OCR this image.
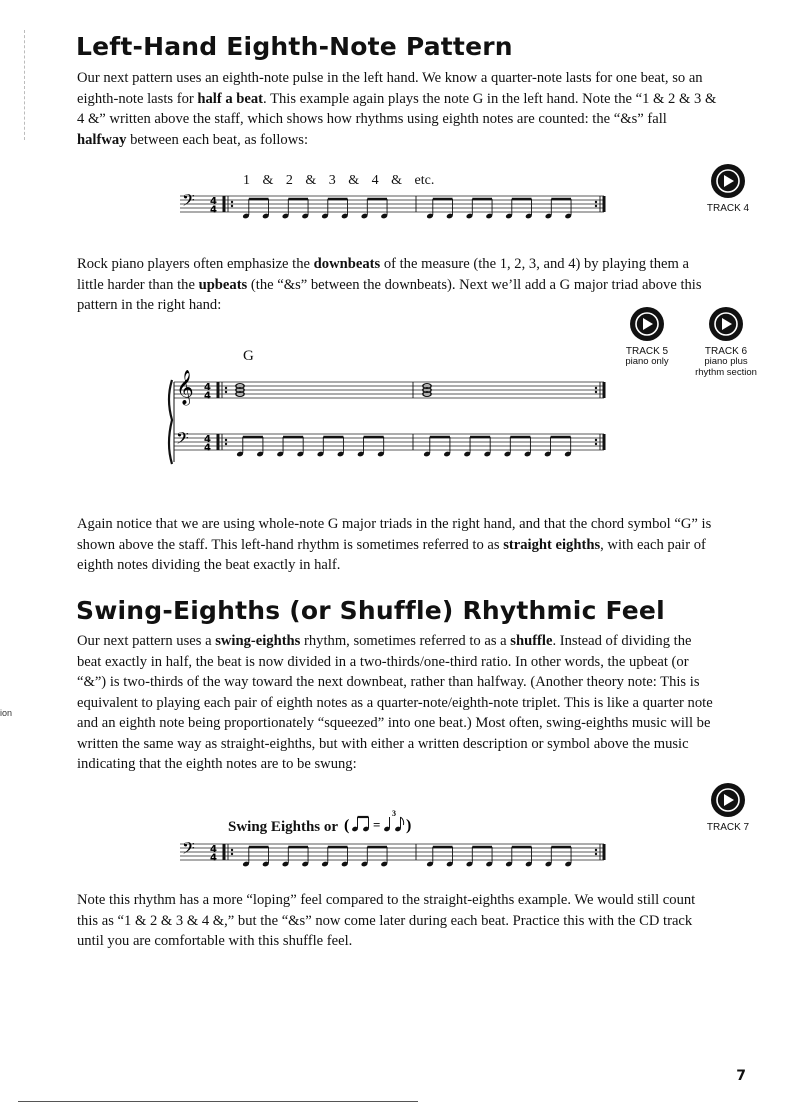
Left-Hand Eighth-Note Pattern

Our next pattern uses an eighth-note pulse in the left hand. We know a quarter-note lasts for one beat, so an eighth-note lasts for half a beat. This example again plays the note G in the left hand. Note the “1 & 2 & 3 & 4 &” written above the staff, which shows how rhythms using eighth notes are counted: the “&s” fall halfway between each beat, as follows:

1 & 2 & 3 & 4 & etc.
TRACK 4
𝄢 4
4

Rock piano players often emphasize the downbeats of the measure (the 1, 2, 3, and 4) by playing them a little harder than the upbeats (the “&s” between the downbeats). Next we’ll add a G major triad above this pattern in the right hand:

G	TRACK 5
piano only
TRACK 6
piano plus rhythm section
𝄞 4
4
𝄢 4
4

Again notice that we are using whole-note G major triads in the right hand, and that the chord symbol “G” is shown above the staff. This left-hand rhythm is sometimes referred to as straight eighths, with each pair of eighth notes dividing the beat exactly in half.

Swing-Eighths (or Shuffle) Rhythmic Feel

Our next pattern uses a swing-eighths rhythm, sometimes referred to as a shuffle. Instead of dividing the beat exactly in half, the beat is now divided in a two-thirds/one-third ratio. In other words, the upbeat (or “&”) is two-thirds of the way toward the next downbeat, rather than halfway. (Another theory note: This is equivalent to playing each pair of eighth notes as a quarter-note/eighth-note triplet. This is like a quarter note and an eighth note being proportionately “squeezed” into one beat.) Most often, swing-eighths music will be written the same way as straight-eighths, but with either a written description or symbol above the music indicating that the eighth notes are to be swung:

Swing Eighths or ( =
3
)	TRACK 7
𝄢 4
4

Note this rhythm has a more “loping” feel compared to the straight-eighths example. We would still count this as “1 & 2 & 3 & 4 &,” but the “&s” now come later during each beat. Practice this with the CD track until you are comfortable with this shuffle feel.

7
ion
